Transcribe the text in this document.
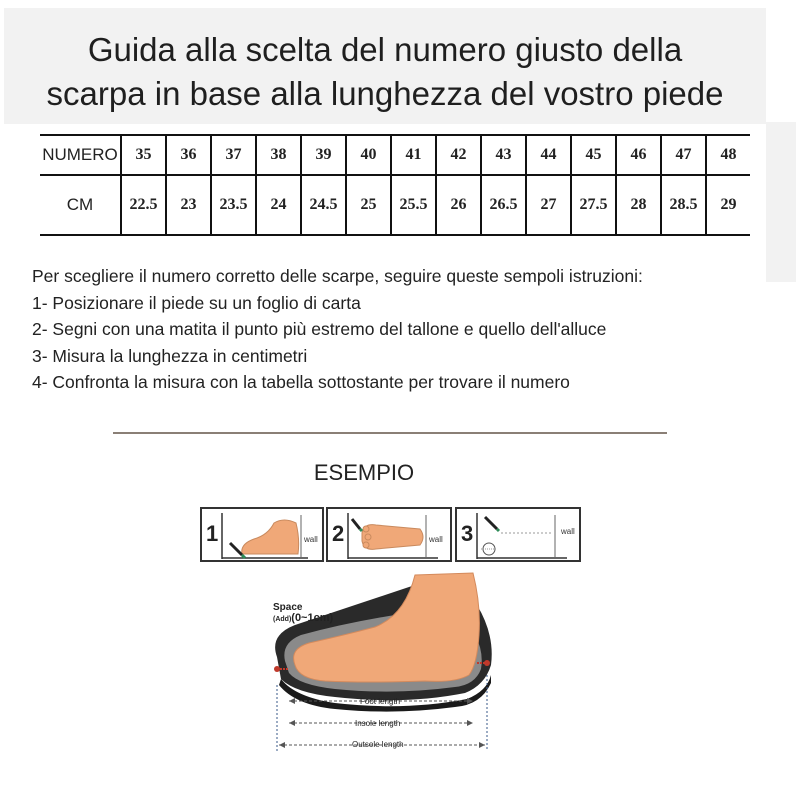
Guida alla scelta del numero giusto della
scarpa in base alla lunghezza del vostro piede
NUMERO	35	36	37	38	39	40	41	42	43	44	45	46	47	48
CM	22.5	23	23.5	24	24.5	25	25.5	26	26.5	27	27.5	28	28.5	29

Per scegliere il numero corretto delle scarpe, seguire queste sempoli istruzioni:

1- Posizionare il piede su un foglio di carta

2- Segni con una matita il punto più estremo del tallone e quello dell'alluce

3- Misura la lunghezza in centimetri

4- Confronta la misura con la tabella sottostante per trovare il numero

ESEMPIO

1	wall 2	wall 3	wall
Space
(Add)(0~1cm)
Foot length
Insole length
Outsole length
